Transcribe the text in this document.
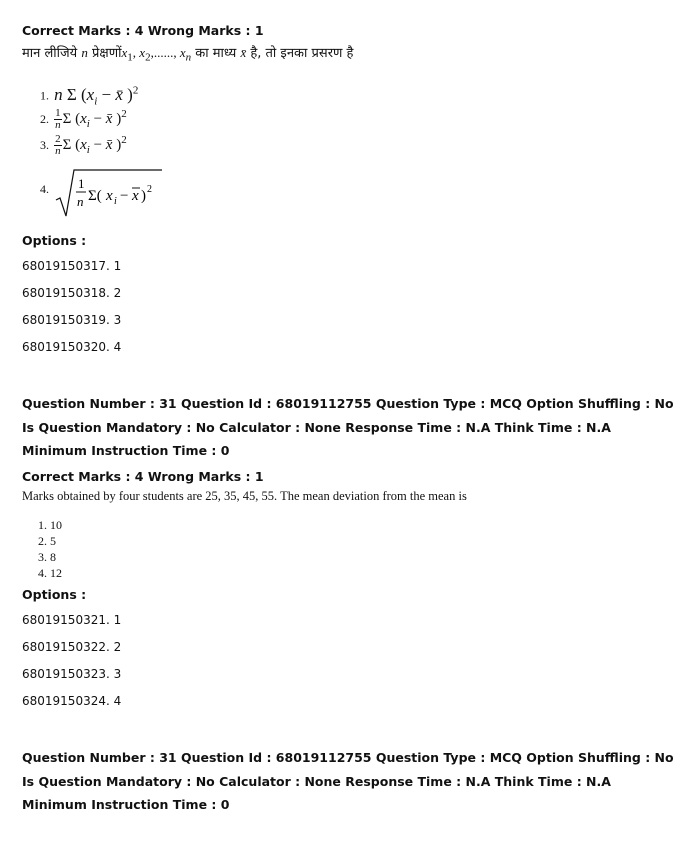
Correct Marks : 4 Wrong Marks : 1
मान लीजिये n $प्रेक्षणोंx_1$, $x_2$,......, $x_n$ का माध्य x̄ है, तो इनका प्रसरण है
1. n Σ ($x_i$ − x̄ )$^2$
2. $\frac{1}{n}$ Σ ($x_i$ − x̄ )$^2$
3. $\frac{2}{n}$ Σ ($x_i$ − x̄ )$^2$
$_{4.}$ 1
n Σ( x i − x ) 2
Options :
68019150317. 1
68019150318. 2
68019150319. 3
68019150320. 4
Question Number : 31 Question Id : 68019112755 Question Type : MCQ Option Shuffling : No
Is Question Mandatory : No Calculator : None Response Time : N.A Think Time : N.A
Minimum Instruction Time : 0
Correct Marks : 4 Wrong Marks : 1
Marks obtained by four students are 25, 35, 45, 55. The mean deviation from the mean is
1. 10
2. 5
3. 8
4. 12
Options :
68019150321. 1
68019150322. 2
68019150323. 3
68019150324. 4
Question Number : 31 Question Id : 68019112755 Question Type : MCQ Option Shuffling : No
Is Question Mandatory : No Calculator : None Response Time : N.A Think Time : N.A
Minimum Instruction Time : 0
